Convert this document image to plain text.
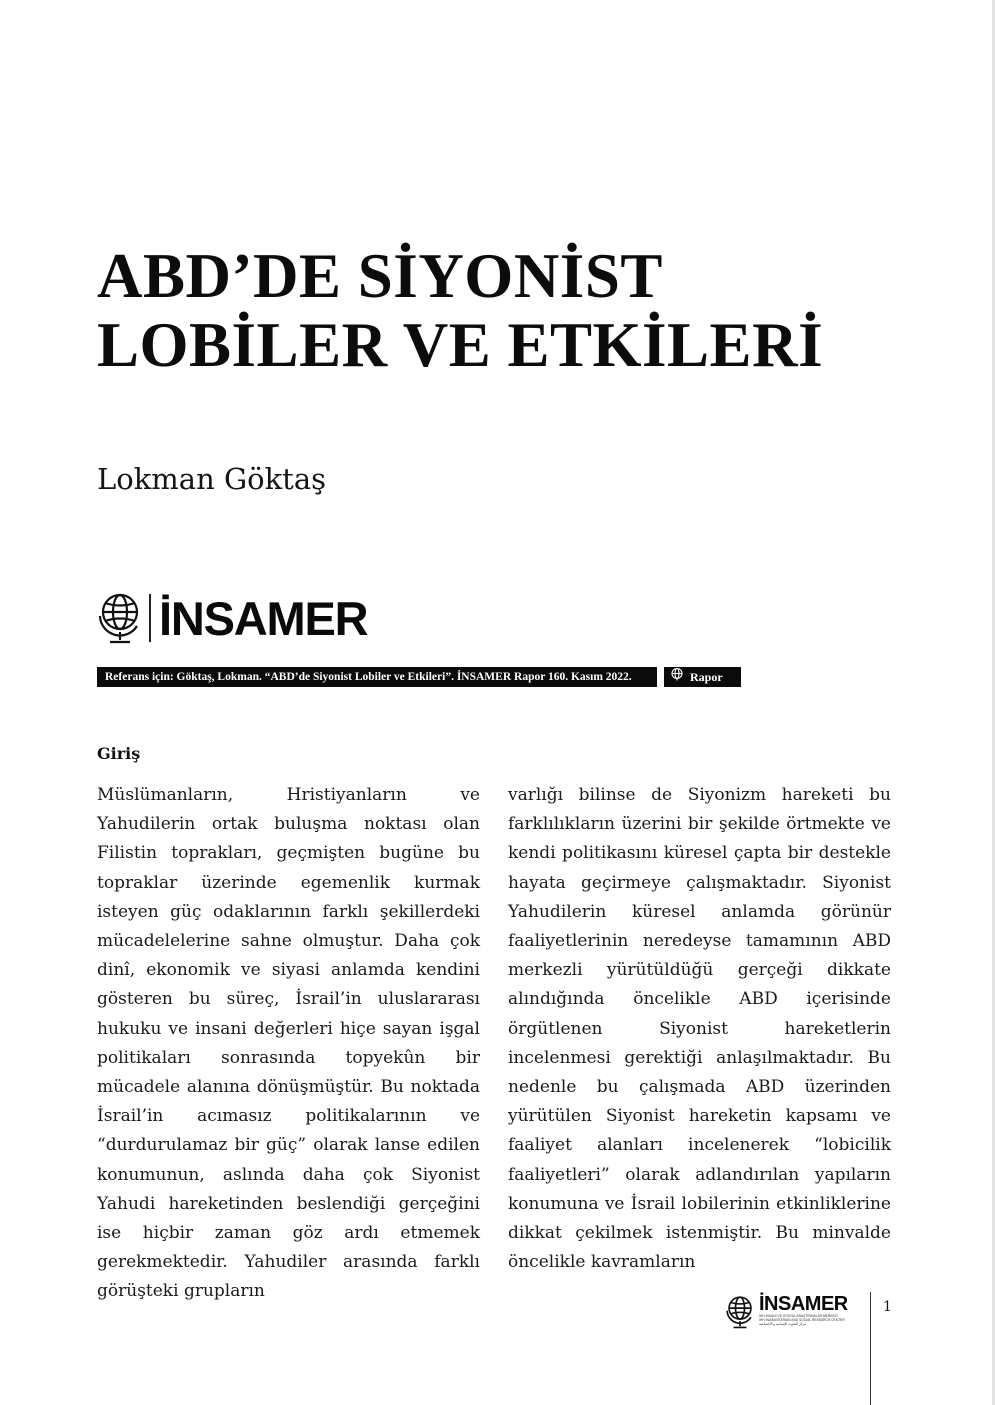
ABD’DE SİYONİST
LOBİLER VE ETKİLERİ
Lokman Göktaş
İNSAMER
Referans için: Göktaş, Lokman. “ABD’de Siyonist Lobiler ve Etkileri”. İNSAMER Rapor 160. Kasım 2022.	Rapor
Giriş

Müslümanların, Hristiyanların ve Yahudilerin ortak buluşma noktası olan Filistin toprakları, geçmişten bugüne bu topraklar üzerinde egemenlik kurmak isteyen güç odaklarının farklı şekillerdeki mücadelelerine sahne olmuştur. Daha çok dinî, ekonomik ve siyasi anlamda kendini gösteren bu süreç, İsrail’in uluslararası hukuku ve insani değerleri hiçe sayan işgal politikaları sonrasında topyekûn bir mücadele alanına dönüşmüştür. Bu noktada İsrail’in acımasız politikalarının ve “durdurulamaz bir güç” olarak lanse edilen konumunun, aslında daha çok Siyonist Yahudi hareketinden beslendiği gerçeğini ise hiçbir zaman göz ardı etmemek gerekmektedir. Yahudiler arasında farklı görüşteki grupların

varlığı bilinse de Siyonizm hareketi bu farklılıkların üzerini bir şekilde örtmekte ve kendi politikasını küresel çapta bir destekle hayata geçirmeye çalışmaktadır. Siyonist Yahudilerin küresel anlamda görünür faaliyetlerinin neredeyse tamamının ABD merkezli yürütüldüğü gerçeği dikkate alındığında öncelikle ABD içerisinde örgütlenen Siyonist hareketlerin incelenmesi gerektiği anlaşılmaktadır. Bu nedenle bu çalışmada ABD üzerinden yürütülen Siyonist hareketin kapsamı ve faaliyet alanları incelenerek “lobicilik faaliyetleri” olarak adlandırılan yapıların konumuna ve İsrail lobilerinin etkinliklerine dikkat çekilmek istenmiştir. Bu minvalde öncelikle kavramların

İNSAMER
İHH İNSANİ VE SOSYAL ARAŞTIRMALAR MERKEZİ
IHH HUMANITARIAN AND SOCIAL RESEARCH CENTER
مركز البحوث الإنسانية و الاجتماعية
1
